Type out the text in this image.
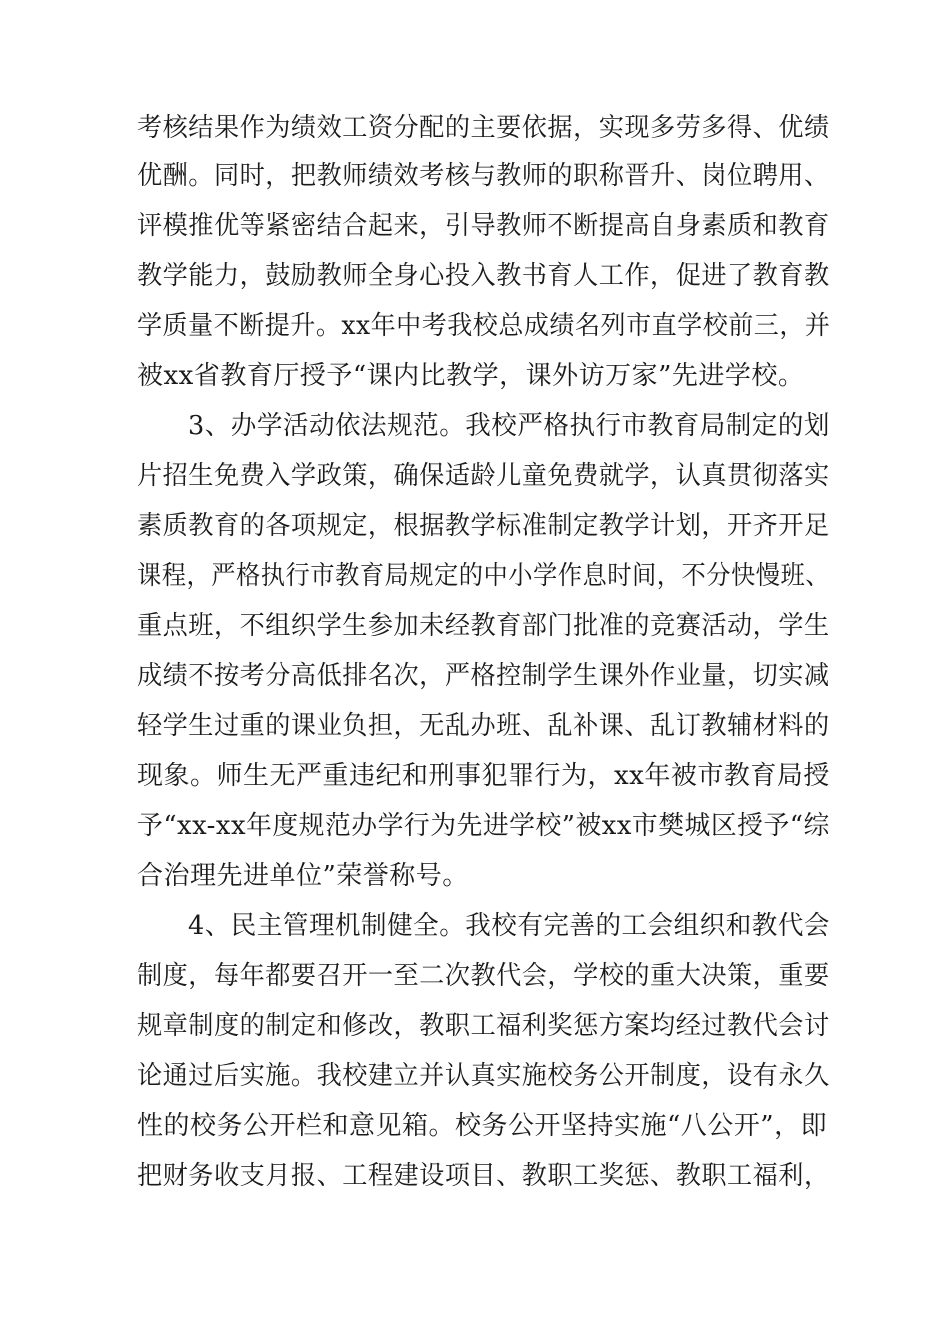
考核结果作为绩效工资分配的主要依据，实现多劳多得、优绩
优酬。同时，把教师绩效考核与教师的职称晋升、岗位聘用、
评模推优等紧密结合起来，引导教师不断提高自身素质和教育
教学能力，鼓励教师全身心投入教书育人工作，促进了教育教
学质量不断提升。xx年中考我校总成绩名列市直学校前三，并
被xx省教育厅授予“课内比教学，课外访万家”先进学校。
3、办学活动依法规范。我校严格执行市教育局制定的划
片招生免费入学政策，确保适龄儿童免费就学，认真贯彻落实
素质教育的各项规定，根据教学标准制定教学计划，开齐开足
课程，严格执行市教育局规定的中小学作息时间，不分快慢班、
重点班，不组织学生参加未经教育部门批准的竞赛活动，学生
成绩不按考分高低排名次，严格控制学生课外作业量，切实减
轻学生过重的课业负担，无乱办班、乱补课、乱订教辅材料的
现象。师生无严重违纪和刑事犯罪行为，xx年被市教育局授
予“xx-xx年度规范办学行为先进学校”被xx市樊城区授予“综
合治理先进单位”荣誉称号。
4、民主管理机制健全。我校有完善的工会组织和教代会
制度，每年都要召开一至二次教代会，学校的重大决策，重要
规章制度的制定和修改，教职工福利奖惩方案均经过教代会讨
论通过后实施。我校建立并认真实施校务公开制度，设有永久
性的校务公开栏和意见箱。校务公开坚持实施“八公开”，即
把财务收支月报、工程建设项目、教职工奖惩、教职工福利，
